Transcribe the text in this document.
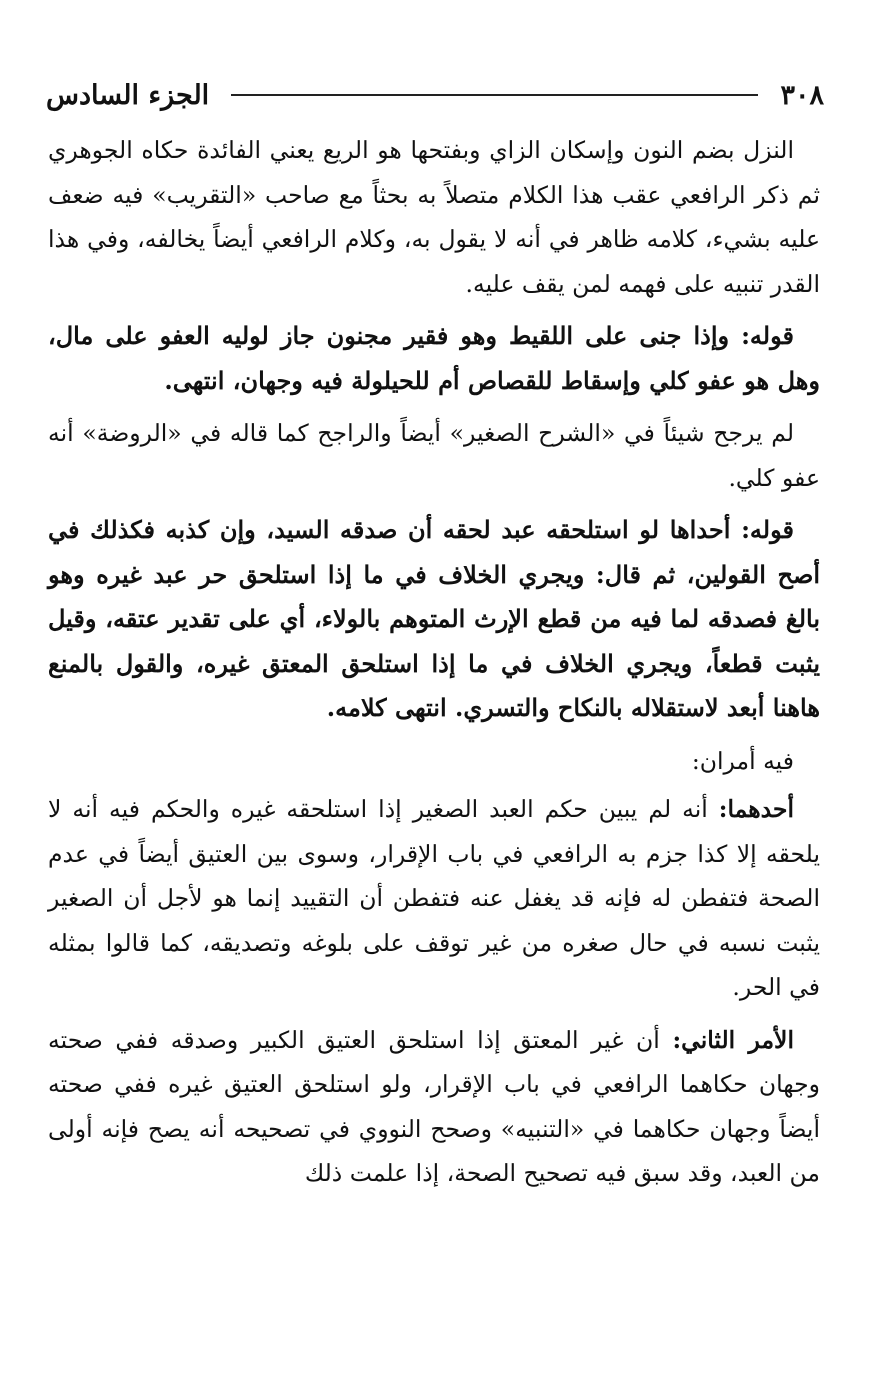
٣٠٨
الجزء السادس

النزل بضم النون وإسكان الزاي وبفتحها هو الريع يعني الفائدة حكاه الجوهري ثم ذكر الرافعي عقب هذا الكلام متصلاً به بحثاً مع صاحب «التقريب» فيه ضعف عليه بشيء، كلامه ظاهر في أنه لا يقول به، وكلام الرافعي أيضاً يخالفه، وفي هذا القدر تنبيه على فهمه لمن يقف عليه.

قوله: وإذا جنى على اللقيط وهو فقير مجنون جاز لوليه العفو على مال، وهل هو عفو كلي وإسقاط للقصاص أم للحيلولة فيه وجهان، انتهى.

لم يرجح شيئاً في «الشرح الصغير» أيضاً والراجح كما قاله في «الروضة» أنه عفو كلي.

قوله: أحداها لو استلحقه عبد لحقه أن صدقه السيد، وإن كذبه فكذلك في أصح القولين، ثم قال: ويجري الخلاف في ما إذا استلحق حر عبد غيره وهو بالغ فصدقه لما فيه من قطع الإرث المتوهم بالولاء، أي على تقدير عتقه، وقيل يثبت قطعاً، ويجري الخلاف في ما إذا استلحق المعتق غيره، والقول بالمنع هاهنا أبعد لاستقلاله بالنكاح والتسري. انتهى كلامه.

فيه أمران:

أحدهما: أنه لم يبين حكم العبد الصغير إذا استلحقه غيره والحكم فيه أنه لا يلحقه إلا كذا جزم به الرافعي في باب الإقرار، وسوى بين العتيق أيضاً في عدم الصحة فتفطن له فإنه قد يغفل عنه فتفطن أن التقييد إنما هو لأجل أن الصغير يثبت نسبه في حال صغره من غير توقف على بلوغه وتصديقه، كما قالوا بمثله في الحر.

الأمر الثاني: أن غير المعتق إذا استلحق العتيق الكبير وصدقه ففي صحته وجهان حكاهما الرافعي في باب الإقرار، ولو استلحق العتيق غيره ففي صحته أيضاً وجهان حكاهما في «التنبيه» وصحح النووي في تصحيحه أنه يصح فإنه أولى من العبد، وقد سبق فيه تصحيح الصحة، إذا علمت ذلك
